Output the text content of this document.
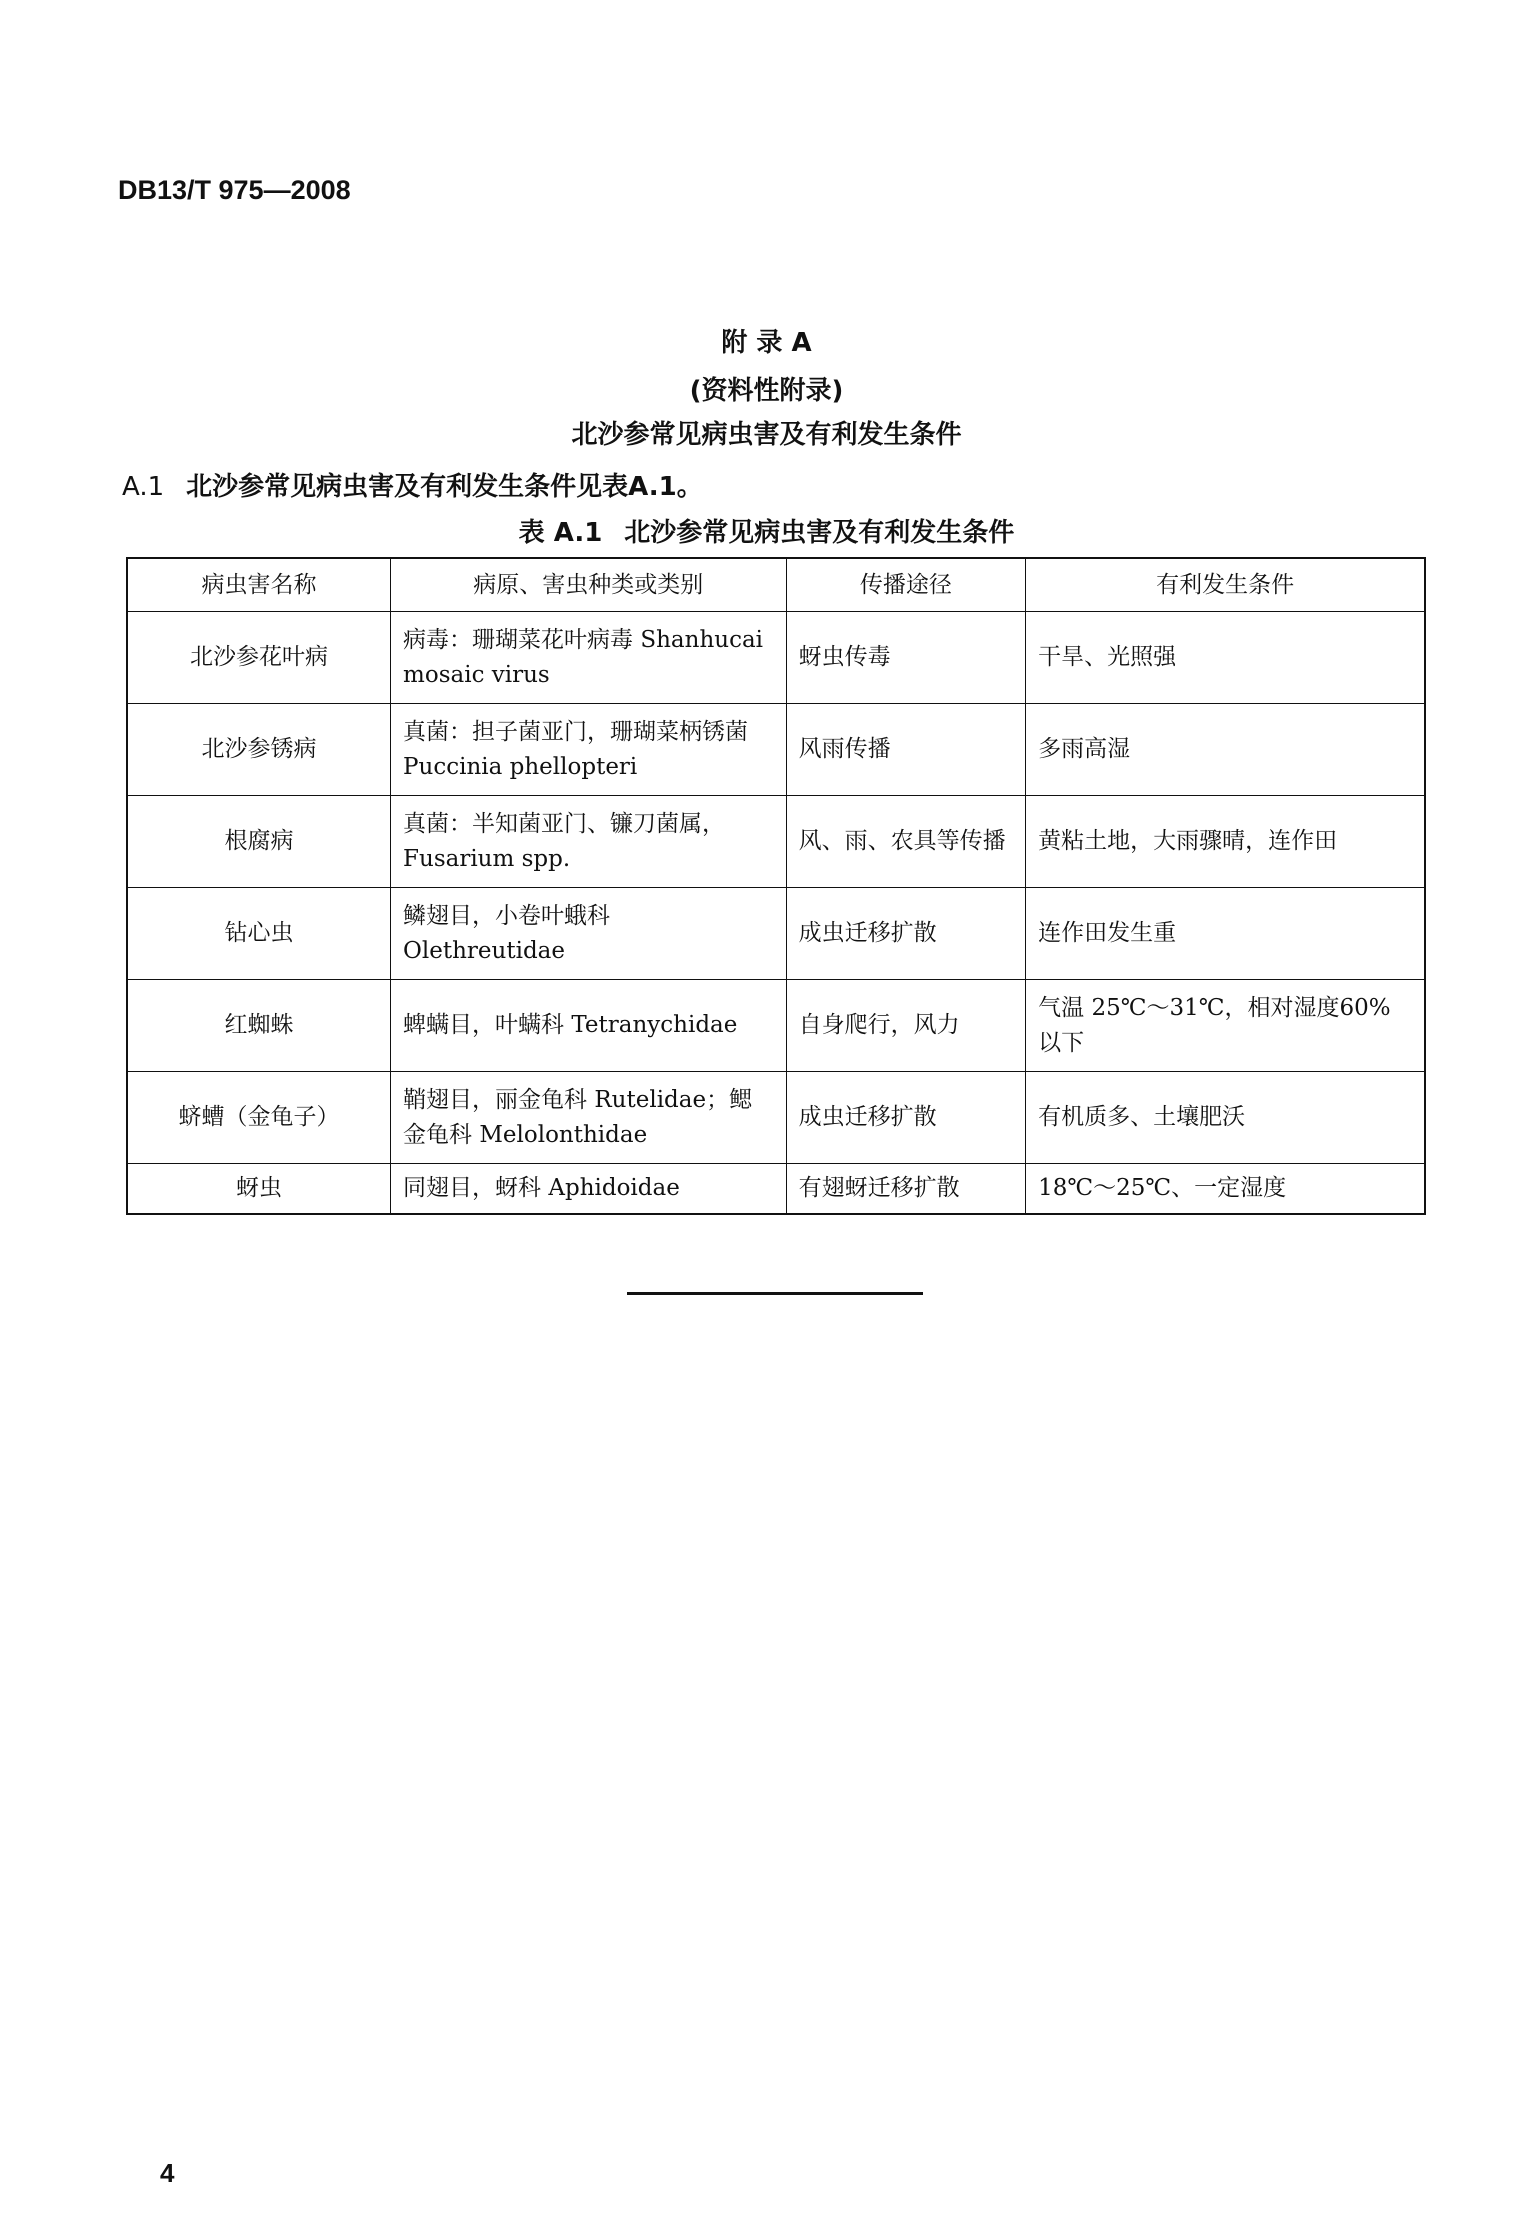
DB13/T 975—2008
附 录 A
(资料性附录)
北沙参常见病虫害及有利发生条件
A.1 北沙参常见病虫害及有利发生条件见表A.1。
表 A.1 北沙参常见病虫害及有利发生条件
病虫害名称	病原、害虫种类或类别	传播途径	有利发生条件
北沙参花叶病	病毒：珊瑚菜花叶病毒 Shanhucai mosaic virus	蚜虫传毒	干旱、光照强
北沙参锈病	真菌：担子菌亚门，珊瑚菜柄锈菌 Puccinia phellopteri	风雨传播	多雨高湿
根腐病	真菌：半知菌亚门、镰刀菌属，Fusarium spp.	风、雨、农具等传播	黄粘土地，大雨骤晴，连作田
钻心虫	鳞翅目，小卷叶蛾科 Olethreutidae	成虫迁移扩散	连作田发生重
红蜘蛛	蜱螨目，叶螨科 Tetranychidae	自身爬行，风力	气温 25℃～31℃，相对湿度60%以下
蛴螬（金龟子）	鞘翅目，丽金龟科 Rutelidae；鳃金龟科 Melolonthidae	成虫迁移扩散	有机质多、土壤肥沃
蚜虫	同翅目，蚜科 Aphidoidae	有翅蚜迁移扩散	18℃～25℃、一定湿度
4
